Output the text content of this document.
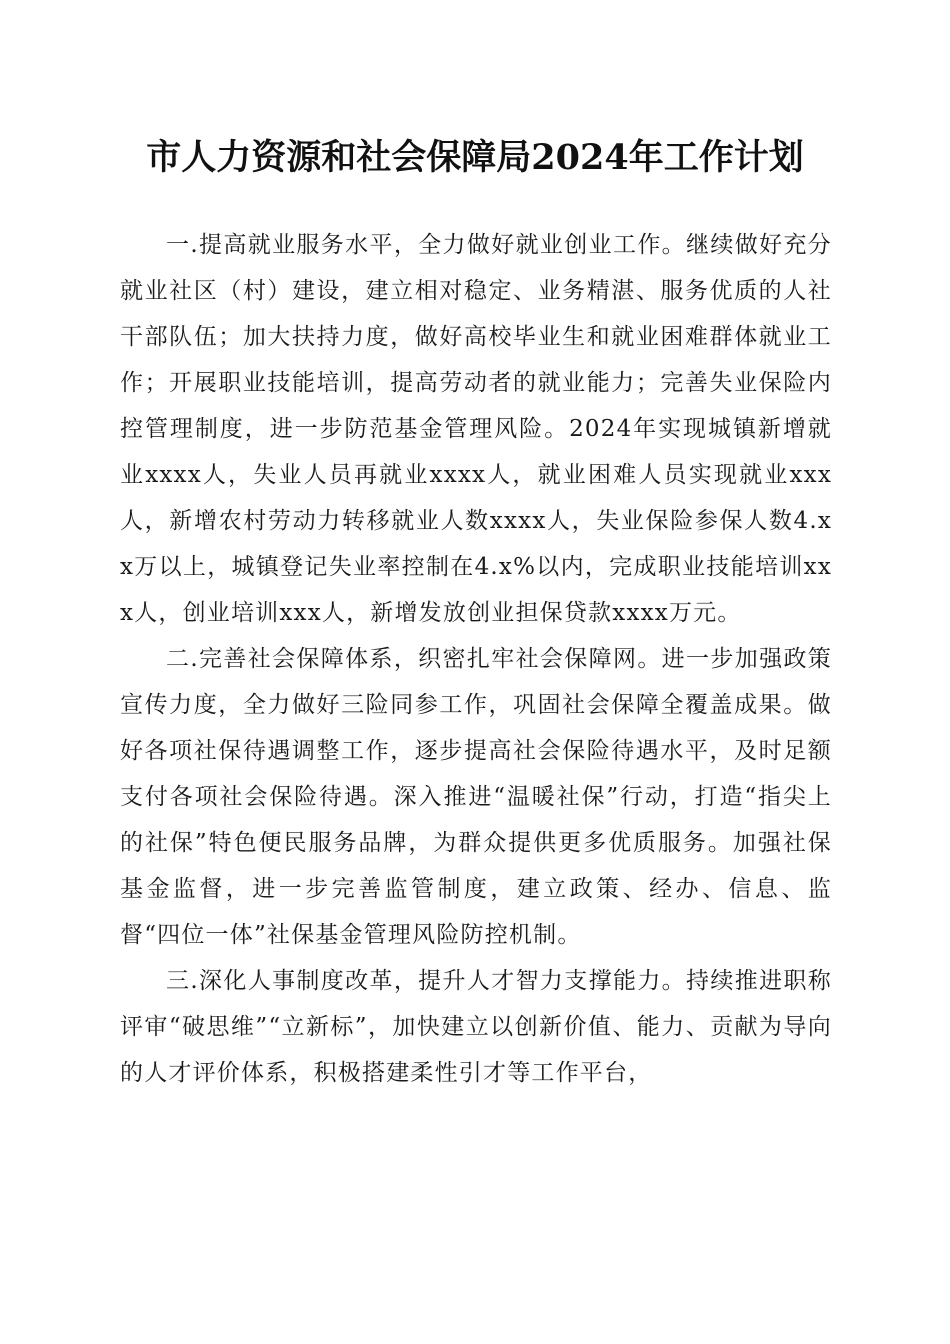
市人力资源和社会保障局2024年工作计划

一.提高就业服务水平，全力做好就业创业工作。继续做好充分就业社区（村）建设，建立相对稳定、业务精湛、服务优质的人社干部队伍；加大扶持力度，做好高校毕业生和就业困难群体就业工作；开展职业技能培训，提高劳动者的就业能力；完善失业保险内控管理制度，进一步防范基金管理风险。2024年实现城镇新增就业xxxx人，失业人员再就业xxxx人，就业困难人员实现就业xxx人，新增农村劳动力转移就业人数xxxx人，失业保险参保人数4.xx万以上，城镇登记失业率控制在4.x%以内，完成职业技能培训xxx人，创业培训xxx人，新增发放创业担保贷款xxxx万元。

二.完善社会保障体系，织密扎牢社会保障网。进一步加强政策宣传力度，全力做好三险同参工作，巩固社会保障全覆盖成果。做好各项社保待遇调整工作，逐步提高社会保险待遇水平，及时足额支付各项社会保险待遇。深入推进“温暖社保”行动，打造“指尖上的社保”特色便民服务品牌，为群众提供更多优质服务。加强社保基金监督，进一步完善监管制度，建立政策、经办、信息、监督“四位一体”社保基金管理风险防控机制。

三.深化人事制度改革，提升人才智力支撑能力。持续推进职称评审“破思维”“立新标”，加快建立以创新价值、能力、贡献为导向的人才评价体系，积极搭建柔性引才等工作平台，
